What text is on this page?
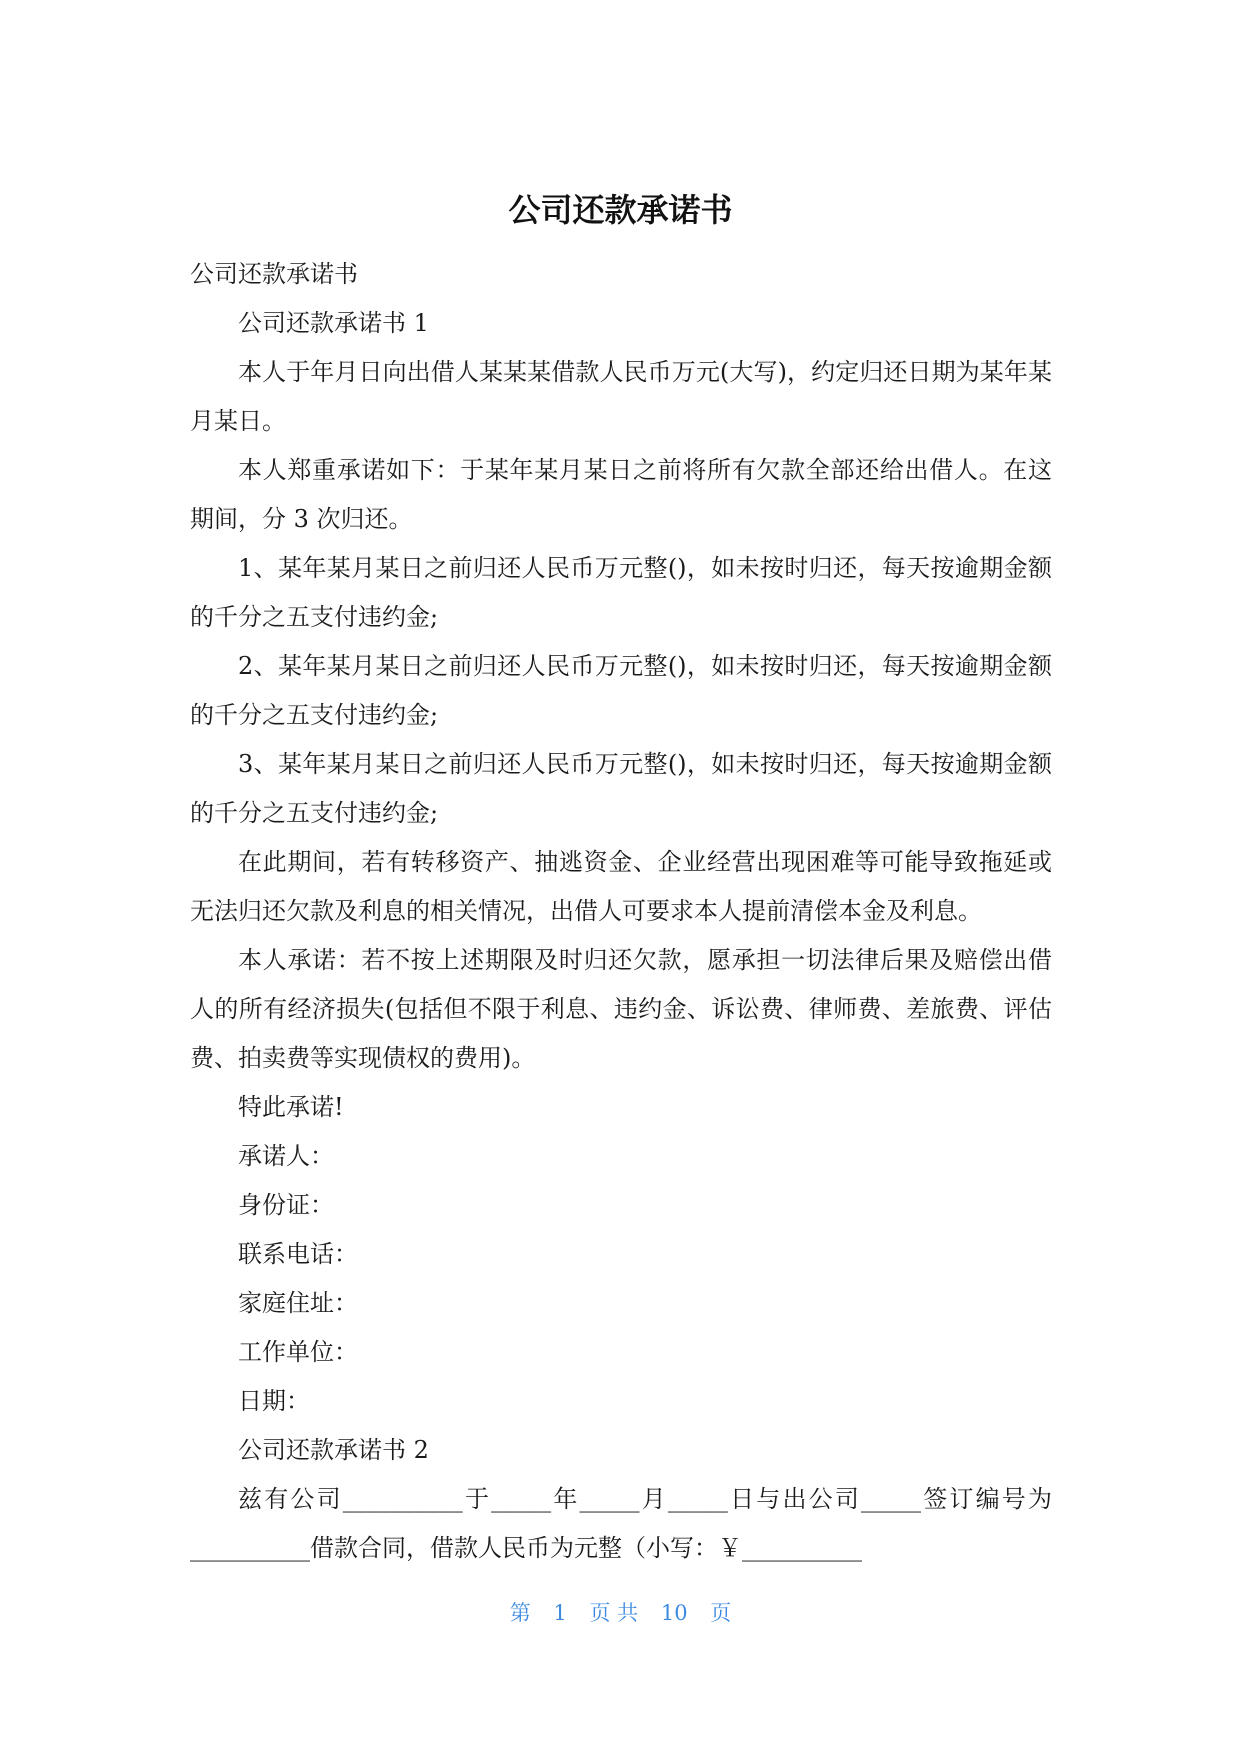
公司还款承诺书

公司还款承诺书

公司还款承诺书 1

本人于年月日向出借人某某某借款人民币万元(大写)，约定归还日期为某年某月某日。

本人郑重承诺如下：于某年某月某日之前将所有欠款全部还给出借人。在这期间，分 3 次归还。

1、某年某月某日之前归还人民币万元整()，如未按时归还，每天按逾期金额的千分之五支付违约金;

2、某年某月某日之前归还人民币万元整()，如未按时归还，每天按逾期金额的千分之五支付违约金;

3、某年某月某日之前归还人民币万元整()，如未按时归还，每天按逾期金额的千分之五支付违约金;

在此期间，若有转移资产、抽逃资金、企业经营出现困难等可能导致拖延或无法归还欠款及利息的相关情况，出借人可要求本人提前清偿本金及利息。

本人承诺：若不按上述期限及时归还欠款，愿承担一切法律后果及赔偿出借人的所有经济损失(包括但不限于利息、违约金、诉讼费、律师费、差旅费、评估费、拍卖费等实现债权的费用)。

特此承诺!

承诺人：

身份证：

联系电话：

家庭住址：

工作单位：

日期：

公司还款承诺书 2

兹有公司__________于_____年_____月_____日与出公司_____签订编号为__________借款合同，借款人民币为元整（小写：￥__________

第 1 页 共 10 页
